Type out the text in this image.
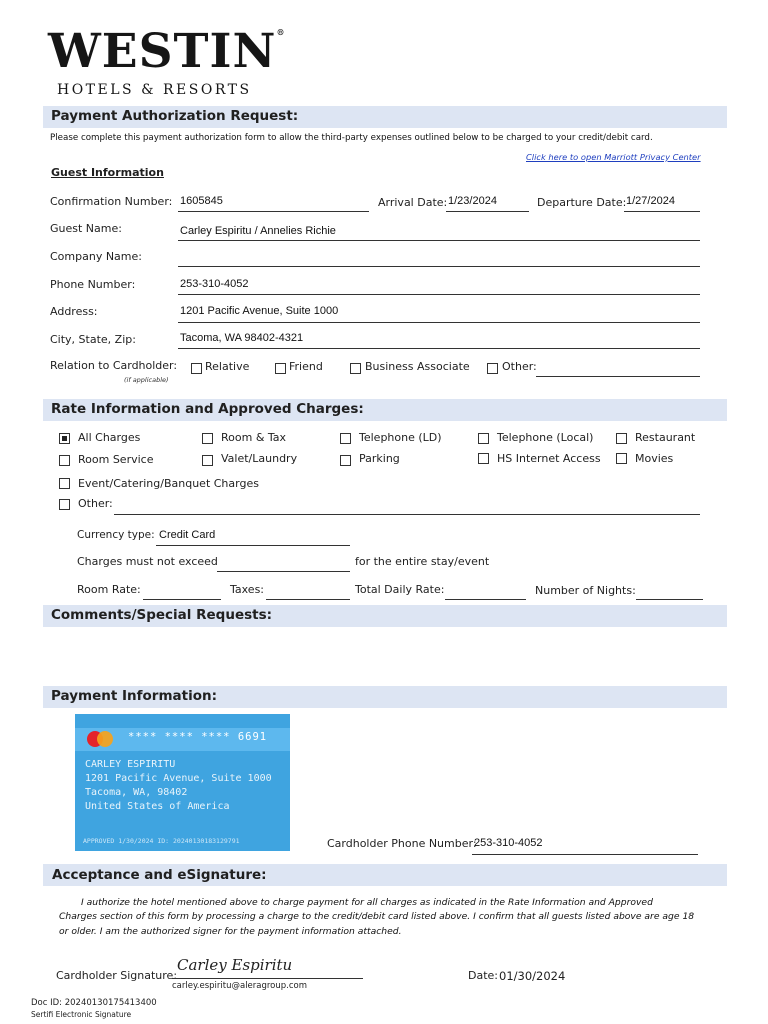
WESTIN®
HOTELS & RESORTS
Payment Authorization Request:
Please complete this payment authorization form to allow the third-party expenses outlined below to be charged to your credit/debit card.
Click here to open Marriott Privacy Center
Guest Information
Confirmation Number: 1605845	Arrival Date: 1/23/2024	Departure Date: 1/27/2024
Guest Name:	Carley Espiritu / Annelies Richie
Company Name:
Phone Number:	253-310-4052
Address:	1201 Pacific Avenue, Suite 1000
City, State, Zip:	Tacoma, WA 98402-4321
Relation to Cardholder:
(if applicable)
Relative	Friend	Business Associate	Other:
Rate Information and Approved Charges:
All Charges	Room & Tax	Telephone (LD)	Telephone (Local)	Restaurant
Room Service	Valet/Laundry	Parking	HS Internet Access	Movies
Event/Catering/Banquet Charges
Other:
Currency type: Credit Card
Charges must not exceed	for the entire stay/event
Room Rate:	Taxes:	Total Daily Rate:	Number of Nights:
Comments/Special Requests:
Payment Information:
**** **** **** 6691
CARLEY ESPIRITU
1201 Pacific Avenue, Suite 1000
Tacoma, WA, 98402
United States of America
APPROVED 1/30/2024 ID: 20240130183129791	Cardholder Phone Number:
253-310-4052
Acceptance and eSignature:
I authorize the hotel mentioned above to charge payment for all charges as indicated in the Rate Information and Approved
Charges section of this form by processing a charge to the credit/debit card listed above. I confirm that all guests listed above are age 18
or older. I am the authorized signer for the payment information attached.
Cardholder Signature:
Carley Espiritu
carley.espiritu@aleragroup.com
Date: 01/30/2024
Doc ID: 20240130175413400
Sertifi Electronic Signature
